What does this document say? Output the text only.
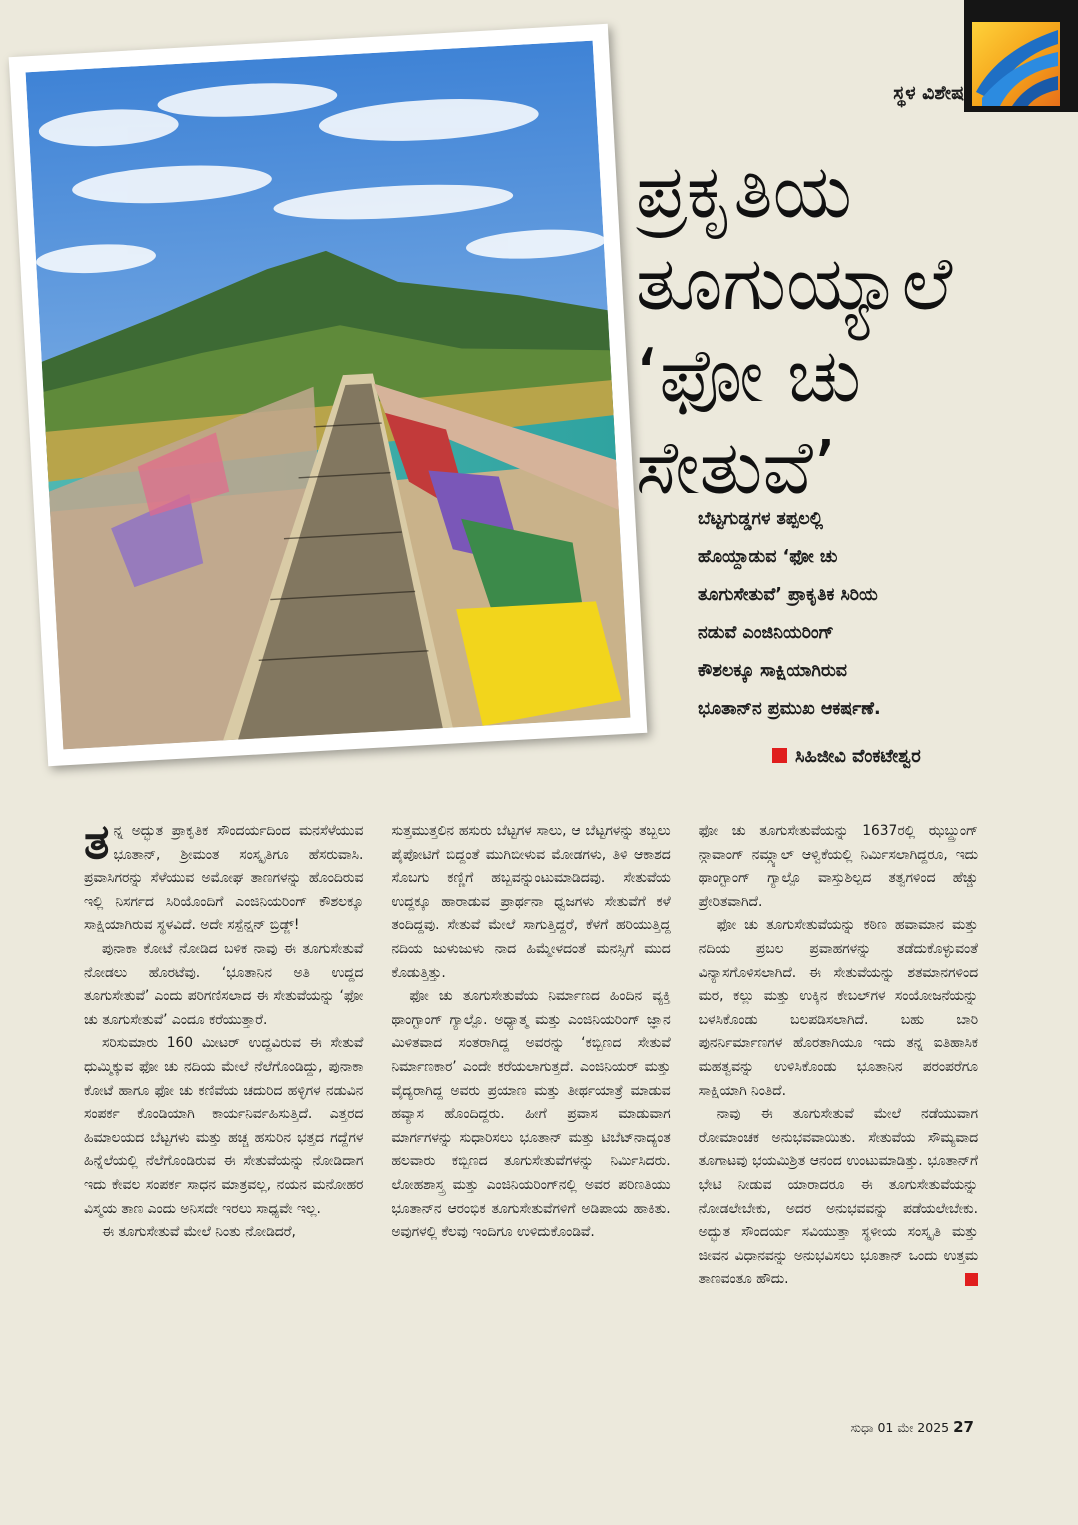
ಸ್ಥಳ ವಿಶೇಷ
ಪ್ರಕೃತಿಯ
ತೂಗುಯ್ಯಾಲೆ
‘ಫೋ ಚು
ಸೇತುವೆ’
ಬೆಟ್ಟಗುಡ್ಡಗಳ ತಪ್ಪಲಲ್ಲಿ
ಹೊಯ್ದಾಡುವ ‘ಫೋ ಚು
ತೂಗುಸೇತುವೆ’ ಪ್ರಾಕೃತಿಕ ಸಿರಿಯ
ನಡುವೆ ಎಂಜಿನಿಯರಿಂಗ್
ಕೌಶಲಕ್ಕೂ ಸಾಕ್ಷಿಯಾಗಿರುವ
ಭೂತಾನ್‌ನ ಪ್ರಮುಖ ಆಕರ್ಷಣೆ.
ಸಿಹಿಜೀವಿ ವೆಂಕಟೇಶ್ವರ

ತನ್ನ ಅದ್ಭುತ ಪ್ರಾಕೃತಿಕ ಸೌಂದರ್ಯದಿಂದ ಮನಸೆಳೆಯುವ ಭೂತಾನ್, ಶ್ರೀಮಂತ ಸಂಸ್ಕೃತಿಗೂ ಹೆಸರುವಾಸಿ. ಪ್ರವಾಸಿಗರನ್ನು ಸೆಳೆಯುವ ಅಮೋಘ ತಾಣಗಳನ್ನು ಹೊಂದಿರುವ ಇಲ್ಲಿ ನಿಸರ್ಗದ ಸಿರಿಯೊಂದಿಗೆ ಎಂಜಿನಿಯರಿಂಗ್ ಕೌಶಲಕ್ಕೂ ಸಾಕ್ಷಿಯಾಗಿರುವ ಸ್ಥಳವಿದೆ. ಅದೇ ಸಸ್ಪೆನ್ಷನ್ ಬ್ರಿಡ್ಜ್!

ಪುನಾಕಾ ಕೋಟೆ ನೋಡಿದ ಬಳಿಕ ನಾವು ಈ ತೂಗುಸೇತುವೆ ನೋಡಲು ಹೊರಟೆವು. ‘ಭೂತಾನಿನ ಅತಿ ಉದ್ದದ ತೂಗುಸೇತುವೆ’ ಎಂದು ಪರಿಗಣಿಸಲಾದ ಈ ಸೇತುವೆಯನ್ನು ‘ಫೋ ಚು ತೂಗುಸೇತುವೆ’ ಎಂದೂ ಕರೆಯುತ್ತಾರೆ.

ಸರಿಸುಮಾರು 160 ಮೀಟರ್ ಉದ್ದವಿರುವ ಈ ಸೇತುವೆ ಧುಮ್ಮಿಕ್ಕುವ ಫೋ ಚು ನದಿಯ ಮೇಲೆ ನೆಲೆಗೊಂಡಿದ್ದು, ಪುನಾಕಾ ಕೋಟೆ ಹಾಗೂ ಫೋ ಚು ಕಣಿವೆಯ ಚದುರಿದ ಹಳ್ಳಿಗಳ ನಡುವಿನ ಸಂಪರ್ಕ ಕೊಂಡಿಯಾಗಿ ಕಾರ್ಯನಿರ್ವಹಿಸುತ್ತಿದೆ. ಎತ್ತರದ ಹಿಮಾಲಯದ ಬೆಟ್ಟಗಳು ಮತ್ತು ಹಚ್ಚ ಹಸುರಿನ ಭತ್ತದ ಗದ್ದೆಗಳ ಹಿನ್ನೆಲೆಯಲ್ಲಿ ನೆಲೆಗೊಂಡಿರುವ ಈ ಸೇತುವೆಯನ್ನು ನೋಡಿದಾಗ ಇದು ಕೇವಲ ಸಂಪರ್ಕ ಸಾಧನ ಮಾತ್ರವಲ್ಲ, ನಯನ ಮನೋಹರ ವಿಸ್ಮಯ ತಾಣ ಎಂದು ಅನಿಸದೇ ಇರಲು ಸಾಧ್ಯವೇ ಇಲ್ಲ.

ಈ ತೂಗುಸೇತುವೆ ಮೇಲೆ ನಿಂತು ನೋಡಿದರೆ,

ಸುತ್ತಮುತ್ತಲಿನ ಹಸುರು ಬೆಟ್ಟಗಳ ಸಾಲು, ಆ ಬೆಟ್ಟಗಳನ್ನು ತಬ್ಬಲು ಪೈಪೋಟಿಗೆ ಬಿದ್ದಂತೆ ಮುಗಿಬೀಳುವ ಮೋಡಗಳು, ತಿಳಿ ಆಕಾಶದ ಸೊಬಗು ಕಣ್ಣಿಗೆ ಹಬ್ಬವನ್ನುಂಟುಮಾಡಿದವು. ಸೇತುವೆಯ ಉದ್ದಕ್ಕೂ ಹಾರಾಡುವ ಪ್ರಾರ್ಥನಾ ಧ್ವಜಗಳು ಸೇತುವೆಗೆ ಕಳೆ ತಂದಿದ್ದವು. ಸೇತುವೆ ಮೇಲೆ ಸಾಗುತ್ತಿದ್ದರೆ, ಕೆಳಗೆ ಹರಿಯುತ್ತಿದ್ದ ನದಿಯ ಜುಳುಜುಳು ನಾದ ಹಿಮ್ಮೇಳದಂತೆ ಮನಸ್ಸಿಗೆ ಮುದ ಕೊಡುತ್ತಿತ್ತು.

ಫೋ ಚು ತೂಗುಸೇತುವೆಯ ನಿರ್ಮಾಣದ ಹಿಂದಿನ ವ್ಯಕ್ತಿ ಥಾಂಗ್ಟಾಂಗ್ ಗ್ಯಾಲ್ಪೊ. ಅಧ್ಯಾತ್ಮ ಮತ್ತು ಎಂಜಿನಿಯರಿಂಗ್ ಜ್ಞಾನ ಮಿಳಿತವಾದ ಸಂತರಾಗಿದ್ದ ಅವರನ್ನು ‘ಕಬ್ಬಿಣದ ಸೇತುವೆ ನಿರ್ಮಾಣಕಾರ’ ಎಂದೇ ಕರೆಯಲಾಗುತ್ತದೆ. ಎಂಜಿನಿಯರ್ ಮತ್ತು ವೈದ್ಯರಾಗಿದ್ದ ಅವರು ಪ್ರಯಾಣ ಮತ್ತು ತೀರ್ಥಯಾತ್ರೆ ಮಾಡುವ ಹವ್ಯಾಸ ಹೊಂದಿದ್ದರು. ಹೀಗೆ ಪ್ರವಾಸ ಮಾಡುವಾಗ ಮಾರ್ಗಗಳನ್ನು ಸುಧಾರಿಸಲು ಭೂತಾನ್ ಮತ್ತು ಟಿಬೆಟ್‌ನಾದ್ಯಂತ ಹಲವಾರು ಕಬ್ಬಿಣದ ತೂಗುಸೇತುವೆಗಳನ್ನು ನಿರ್ಮಿಸಿದರು. ಲೋಹಶಾಸ್ತ್ರ ಮತ್ತು ಎಂಜಿನಿಯರಿಂಗ್‌ನಲ್ಲಿ ಅವರ ಪರಿಣತಿಯು ಭೂತಾನ್‌ನ ಆರಂಭಿಕ ತೂಗುಸೇತುವೆಗಳಿಗೆ ಅಡಿಪಾಯ ಹಾಕಿತು. ಅವುಗಳಲ್ಲಿ ಕೆಲವು ಇಂದಿಗೂ ಉಳಿದುಕೊಂಡಿವೆ.

ಫೋ ಚು ತೂಗುಸೇತುವೆಯನ್ನು 1637ರಲ್ಲಿ ಝಬ್ದ್ರುಂಗ್ ನ್ಗಾವಾಂಗ್ ನಮ್ಗ್ಯಾಲ್ ಆಳ್ವಿಕೆಯಲ್ಲಿ ನಿರ್ಮಿಸಲಾಗಿದ್ದರೂ, ಇದು ಥಾಂಗ್ಟಾಂಗ್ ಗ್ಯಾಲ್ಪೊ ವಾಸ್ತುಶಿಲ್ಪದ ತತ್ವಗಳಿಂದ ಹೆಚ್ಚು ಪ್ರೇರಿತವಾಗಿದೆ.

ಫೋ ಚು ತೂಗುಸೇತುವೆಯನ್ನು ಕಠಿಣ ಹವಾಮಾನ ಮತ್ತು ನದಿಯ ಪ್ರಬಲ ಪ್ರವಾಹಗಳನ್ನು ತಡೆದುಕೊಳ್ಳುವಂತೆ ವಿನ್ಯಾಸಗೊಳಿಸಲಾಗಿದೆ. ಈ ಸೇತುವೆಯನ್ನು ಶತಮಾನಗಳಿಂದ ಮರ, ಕಲ್ಲು ಮತ್ತು ಉಕ್ಕಿನ ಕೇಬಲ್‌ಗಳ ಸಂಯೋಜನೆಯನ್ನು ಬಳಸಿಕೊಂಡು ಬಲಪಡಿಸಲಾಗಿದೆ. ಬಹು ಬಾರಿ ಪುನರ್ನಿರ್ಮಾಣಗಳ ಹೊರತಾಗಿಯೂ ಇದು ತನ್ನ ಐತಿಹಾಸಿಕ ಮಹತ್ವವನ್ನು ಉಳಿಸಿಕೊಂಡು ಭೂತಾನಿನ ಪರಂಪರೆಗೂ ಸಾಕ್ಷಿಯಾಗಿ ನಿಂತಿದೆ.

ನಾವು ಈ ತೂಗುಸೇತುವೆ ಮೇಲೆ ನಡೆಯುವಾಗ ರೋಮಾಂಚಕ ಅನುಭವವಾಯಿತು. ಸೇತುವೆಯ ಸೌಮ್ಯವಾದ ತೂಗಾಟವು ಭಯಮಿಶ್ರಿತ ಆನಂದ ಉಂಟುಮಾಡಿತ್ತು. ಭೂತಾನ್‌ಗೆ ಭೇಟಿ ನೀಡುವ ಯಾರಾದರೂ ಈ ತೂಗುಸೇತುವೆಯನ್ನು ನೋಡಲೇಬೇಕು, ಅದರ ಅನುಭವವನ್ನು ಪಡೆಯಲೇಬೇಕು. ಅದ್ಭುತ ಸೌಂದರ್ಯ ಸವಿಯುತ್ತಾ ಸ್ಥಳೀಯ ಸಂಸ್ಕೃತಿ ಮತ್ತು ಜೀವನ ವಿಧಾನವನ್ನು ಅನುಭವಿಸಲು ಭೂತಾನ್ ಒಂದು ಉತ್ತಮ ತಾಣವಂತೂ ಹೌದು.

ಸುಧಾ 01 ಮೇ 2025 27
